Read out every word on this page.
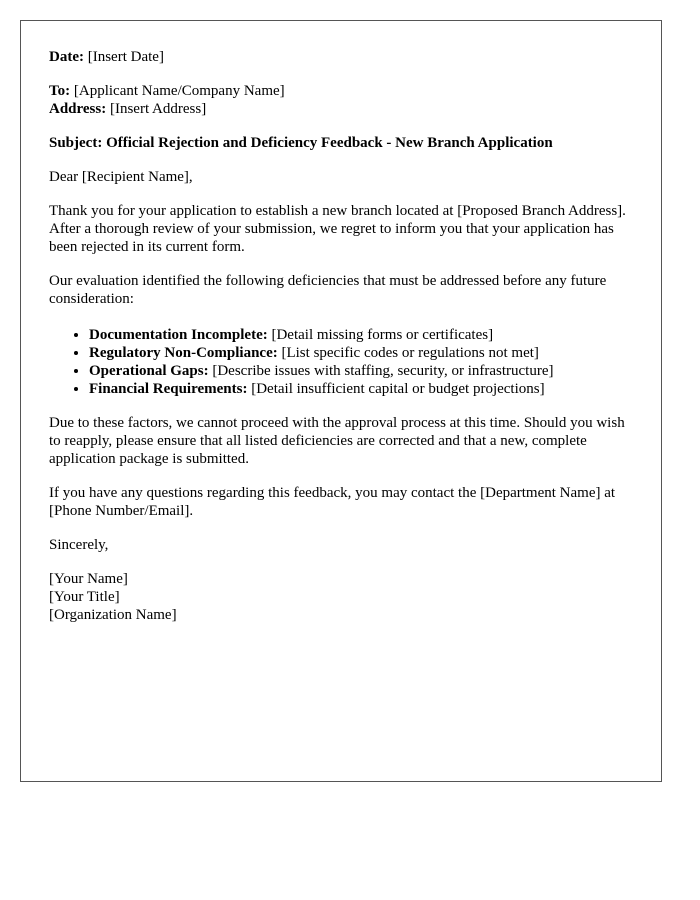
Date: [Insert Date]

To: [Applicant Name/Company Name]
Address: [Insert Address]

Subject: Official Rejection and Deficiency Feedback - New Branch Application

Dear [Recipient Name],

Thank you for your application to establish a new branch located at [Proposed Branch Address]. After a thorough review of your submission, we regret to inform you that your application has been rejected in its current form.

Our evaluation identified the following deficiencies that must be addressed before any future consideration:

• Documentation Incomplete: [Detail missing forms or certificates]
• Regulatory Non-Compliance: [List specific codes or regulations not met]
• Operational Gaps: [Describe issues with staffing, security, or infrastructure]
• Financial Requirements: [Detail insufficient capital or budget projections]

Due to these factors, we cannot proceed with the approval process at this time. Should you wish to reapply, please ensure that all listed deficiencies are corrected and that a new, complete application package is submitted.

If you have any questions regarding this feedback, you may contact the [Department Name] at [Phone Number/Email].

Sincerely,

[Your Name]
[Your Title]
[Organization Name]
